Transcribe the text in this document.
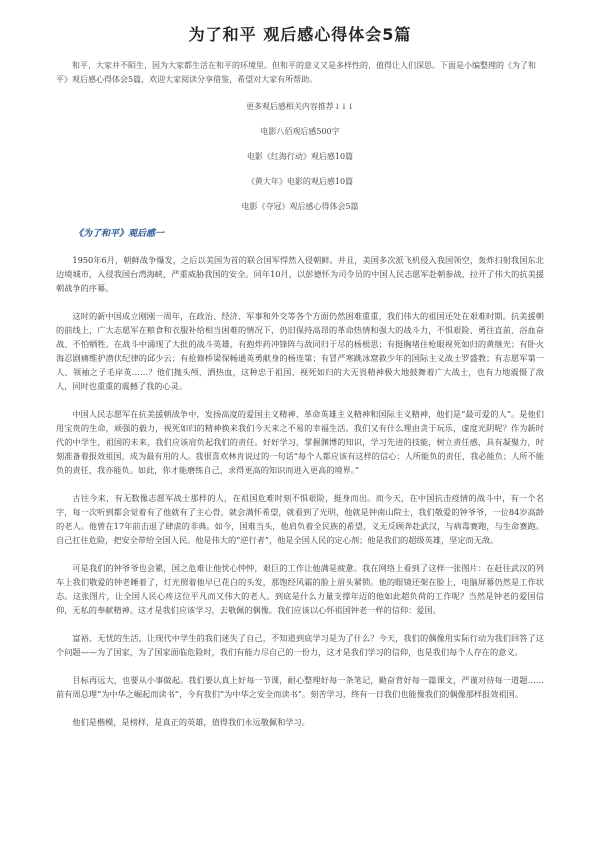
为了和平 观后感心得体会5篇

和平，大家并不陌生，因为大家都生活在和平的环境里。但和平的意义又是多样性的，值得让人们深思。下面是小编整理的《为了和平》观后感心得体会5篇，欢迎大家阅读分享借鉴，希望对大家有所帮助。

更多观后感相关内容推荐↓↓↓
电影八佰观后感500字
电影《红海行动》观后感10篇
《黄大年》电影的观后感10篇
电影《夺冠》观后感心得体会5篇
《为了和平》观后感一

1950年6月，朝鲜战争爆发，之后以美国为首的联合国军悍然入侵朝鲜。并且，美国多次派飞机侵入我国领空，轰炸扫射我国东北边境城市，入侵我国台湾海峡，严重威胁我国的安全。同年10月，以彭德怀为司令员的中国人民志愿军赴朝参战，拉开了伟大的抗美援朝战争的序幕。

这时的新中国成立刚刚一周年，在政治、经济、军事和外交等各个方面仍然困难重重，我们伟大的祖国还处在艰难时期。抗美援朝的前线上，广大志愿军在粮食和衣服补给相当困难的情况下，仍旧保持高昂的革命热情和强大的战斗力，不惧艰险、勇往直前、浴血奋战、不怕牺牲。在战斗中涌现了大批的战斗英雄，有抱炸药冲锋阵与敌同归于尽的杨根思；有挺胸堵住枪眼视死如归的黄继光；有卧火海忍剧痛维护潜伏纪律的邱少云；有抢修桥梁保畅通英勇献身的杨连第；有冒严寒跳冰窟救少年的国际主义战士罗盛教；有志愿军第一人、领袖之子毛岸英……？他们抛头颅，洒热血，这种忠于祖国、视死如归的大无畏精神极大地鼓舞着广大战士，也有力地震慑了敌人，同时也重重的震撼了我的心灵。

中国人民志愿军在抗美援朝战争中，发扬高度的爱国主义精神、革命英雄主义精神和国际主义精神，他们是“最可爱的人”。是他们用宝贵的生命，顽强的毅力，视死如归的精神换来我们今天来之不易的幸福生活。我们又有什么理由贪于玩乐，虚度光阴呢？作为新时代的中学生，祖国的未来，我们应该肩负起我们的责任。好好学习，掌握渊博的知识，学习先进的技能，树立责任感，具有凝聚力，时刻准备着报效祖国，成为最有用的人。我很喜欢林肯说过的一句话“每个人都应该有这样的信心：人所能负的责任，我必能负；人所不能负的责任，我亦能负。如此，你才能磨练自己，求得更高的知识而进入更高的境界。”

古往今来，有无数像志愿军战士那样的人，在祖国危难时刻不惧艰险，挺身而出。而今天，在中国抗击疫情的战斗中，有一个名字，每一次听到都会觉着有了他就有了主心骨，就会满怀希望，就看到了光明，他就是钟南山院士，我们敬爱的钟爷爷，一位84岁高龄的老人。他曾在17年前击退了肆虐的非典。如今，国难当头，他肩负着全民族的希望，义无反顾奔赴武汉，与病毒赛跑，与生命赛跑。自己扛住危险，把安全带给全国人民。他是伟大的“逆行者”，他是全国人民的定心剂；他是我们的超级英雄，坚定而无敌。

可是我们的钟爷爷也会累，国之危难让他忧心忡忡，艰巨的工作让他满是疲惫。我在网络上看到了这样一张图片：在赶往武汉的列车上我们敬爱的钟老睡着了，灯光照着他早已花白的头发，那饱经风霜的脸上眉头紧锁。他的眼镜还架在脸上，电脑屏幕仍然是工作状态。这张图片，让全国人民心疼这位平凡而又伟大的老人。到底是什么力量支撑年迈的他如此超负荷的工作呢？当然是钟老的爱国信仰，无私的奉献精神。这才是我们应该学习，去敬佩的偶像。我们应该以心怀祖国钟老一样的信仰：爱国。

富裕、无忧的生活，让现代中学生的我们迷失了自己，不知道到底学习是为了什么？今天，我们的偶像用实际行动为我们回答了这个问题——为了国家，为了国家面临危险时，我们有能力尽自己的一份力，这才是我们学习的信仰，也是我们每个人存在的意义。

目标再远大，也要从小事做起。我们要认真上好每一节课，耐心整理好每一条笔记，勤奋背好每一篇课文，严谨对待每一道题……前有周总理“为中华之崛起而读书”，今有我们“为中华之安全而读书”。刻苦学习，终有一日我们也能像我们的偶像那样报效祖国。

他们是楷模，是榜样，是真正的英雄，值得我们永远敬佩和学习。
